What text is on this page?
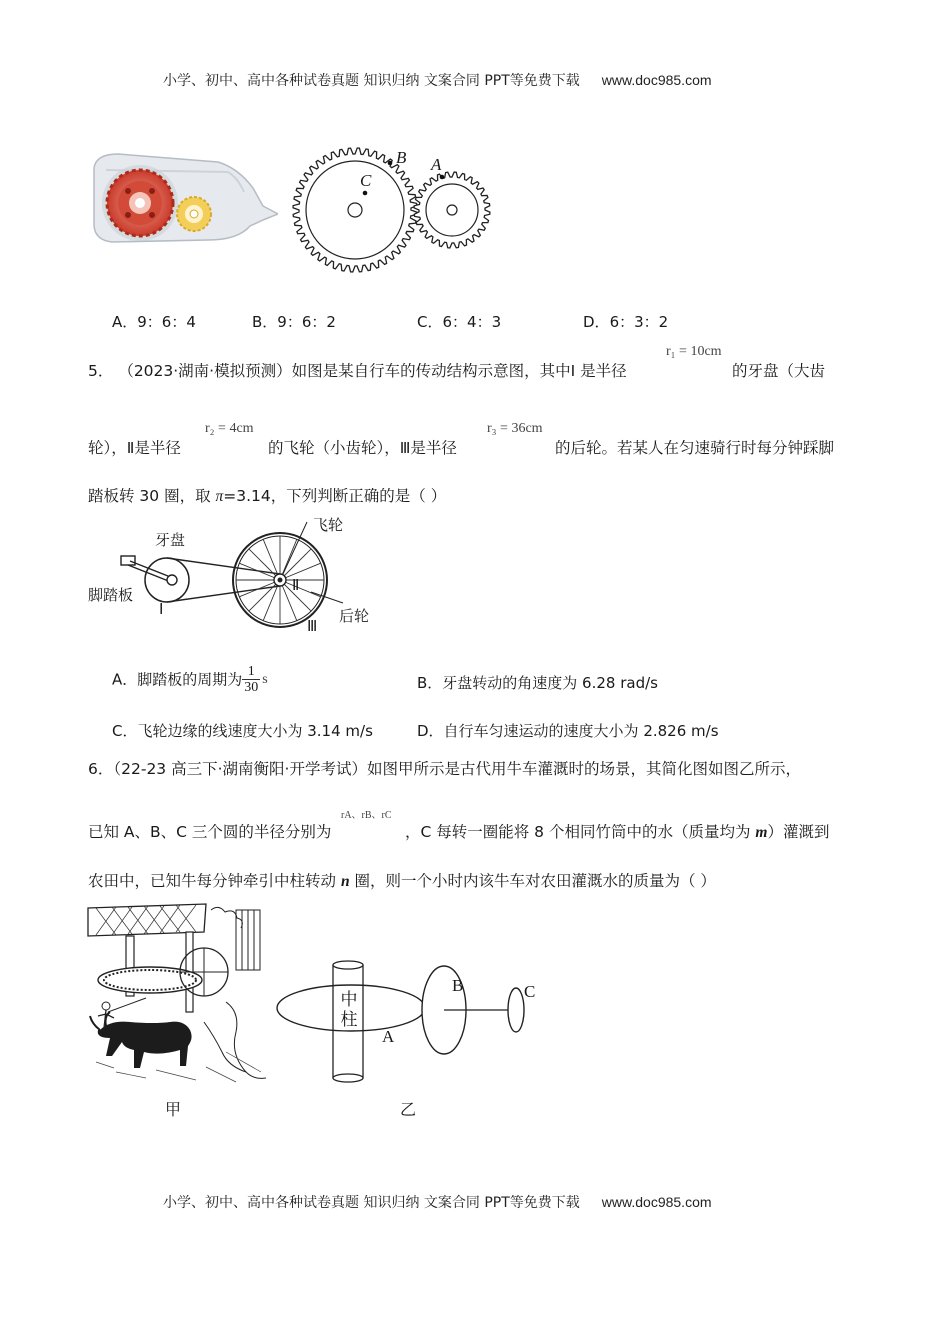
小学、初中、高中各种试卷真题 知识归纳 文案合同 PPT等免费下载 www.doc985.com
B
C
A
A．9：6：4	B．9：6：2	C．6：4：3	D．6：3：2
5． （2023·湖南·模拟预测）如图是某自行车的传动结构示意图，其中Ⅰ 是半径
r₁ = 10cm
的牙盘（大齿
轮），Ⅱ是半径
r₂ = 4cm
的飞轮（小齿轮），Ⅲ是半径
r₃ = 36cm
的后轮。若某人在匀速骑行时每分钟踩脚
踏板转 30 圈，取 π=3.14，下列判断正确的是（ ）
牙盘
脚踏板
Ⅰ
飞轮
Ⅱ
后轮
Ⅲ
A．脚踏板的周期为 $\frac{1}{30}$ s	B．牙盘转动的角速度为 6.28 rad/s
C．飞轮边缘的线速度大小为 3.14 m/s	D．自行车匀速运动的速度大小为 2.826 m/s
6．（22-23 高三下·湖南衡阳·开学考试）如图甲所示是古代用牛车灌溉时的场景，其简化图如图乙所示，
已知 A、B、C 三个圆的半径分别为
rA、rB、rC
，C 每转一圈能将 8 个相同竹筒中的水（质量均为 m）灌溉到
农田中，已知牛每分钟牵引中柱转动 n 圈，则一个小时内该牛车对农田灌溉水的质量为（ ）
甲
中柱
A
B	C
乙
小学、初中、高中各种试卷真题 知识归纳 文案合同 PPT等免费下载 www.doc985.com
